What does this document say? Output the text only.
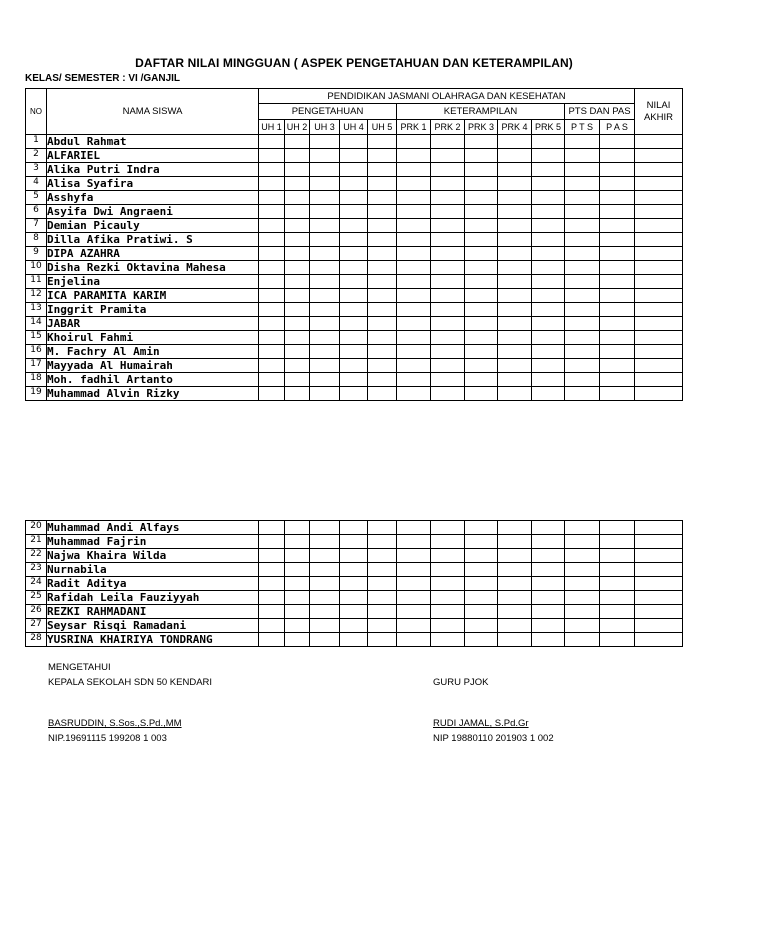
DAFTAR NILAI MINGGUAN ( ASPEK PENGETAHUAN DAN KETERAMPILAN)
KELAS/ SEMESTER : VI /GANJIL
NO	NAMA SISWA	PENDIDIKAN JASMANI OLAHRAGA DAN KESEHATAN												NILAI AKHIR
		PENGETAHUAN					KETERAMPILAN					PTS DAN PAS		
		UH 1	UH 2	UH 3	UH 4	UH 5	PRK 1	PRK 2	PRK 3	PRK 4	PRK 5	P T S	P A S	
1	Abdul Rahmat													
2	ALFARIEL													
3	Alika Putri Indra													
4	Alisa Syafira													
5	Asshyfa													
6	Asyifa Dwi Angraeni													
7	Demian Picauly													
8	Dilla Afika Pratiwi. S													
9	DIPA AZAHRA													
10	Disha Rezki Oktavina Mahesa													
11	Enjelina													
12	ICA PARAMITA KARIM													
13	Inggrit Pramita													
14	JABAR													
15	Khoirul Fahmi													
16	M. Fachry Al Amin													
17	Mayyada Al Humairah													
18	Moh. fadhil Artanto													
19	Muhammad Alvin Rizky													
20	Muhammad Andi Alfays													
21	Muhammad Fajrin													
22	Najwa Khaira Wilda													
23	Nurnabila													
24	Radit Aditya													
25	Rafidah Leila Fauziyyah													
26	REZKI RAHMADANI													
27	Seysar Risqi Ramadani													
28	YUSRINA KHAIRIYA TONDRANG													
MENGETAHUI
KEPALA SEKOLAH SDN 50 KENDARI
BASRUDDIN, S.Sos.,S.Pd.,MM
NIP.19691115 199208 1 003
GURU PJOK
RUDI JAMAL, S.Pd.Gr
NIP 19880110 201903 1 002
